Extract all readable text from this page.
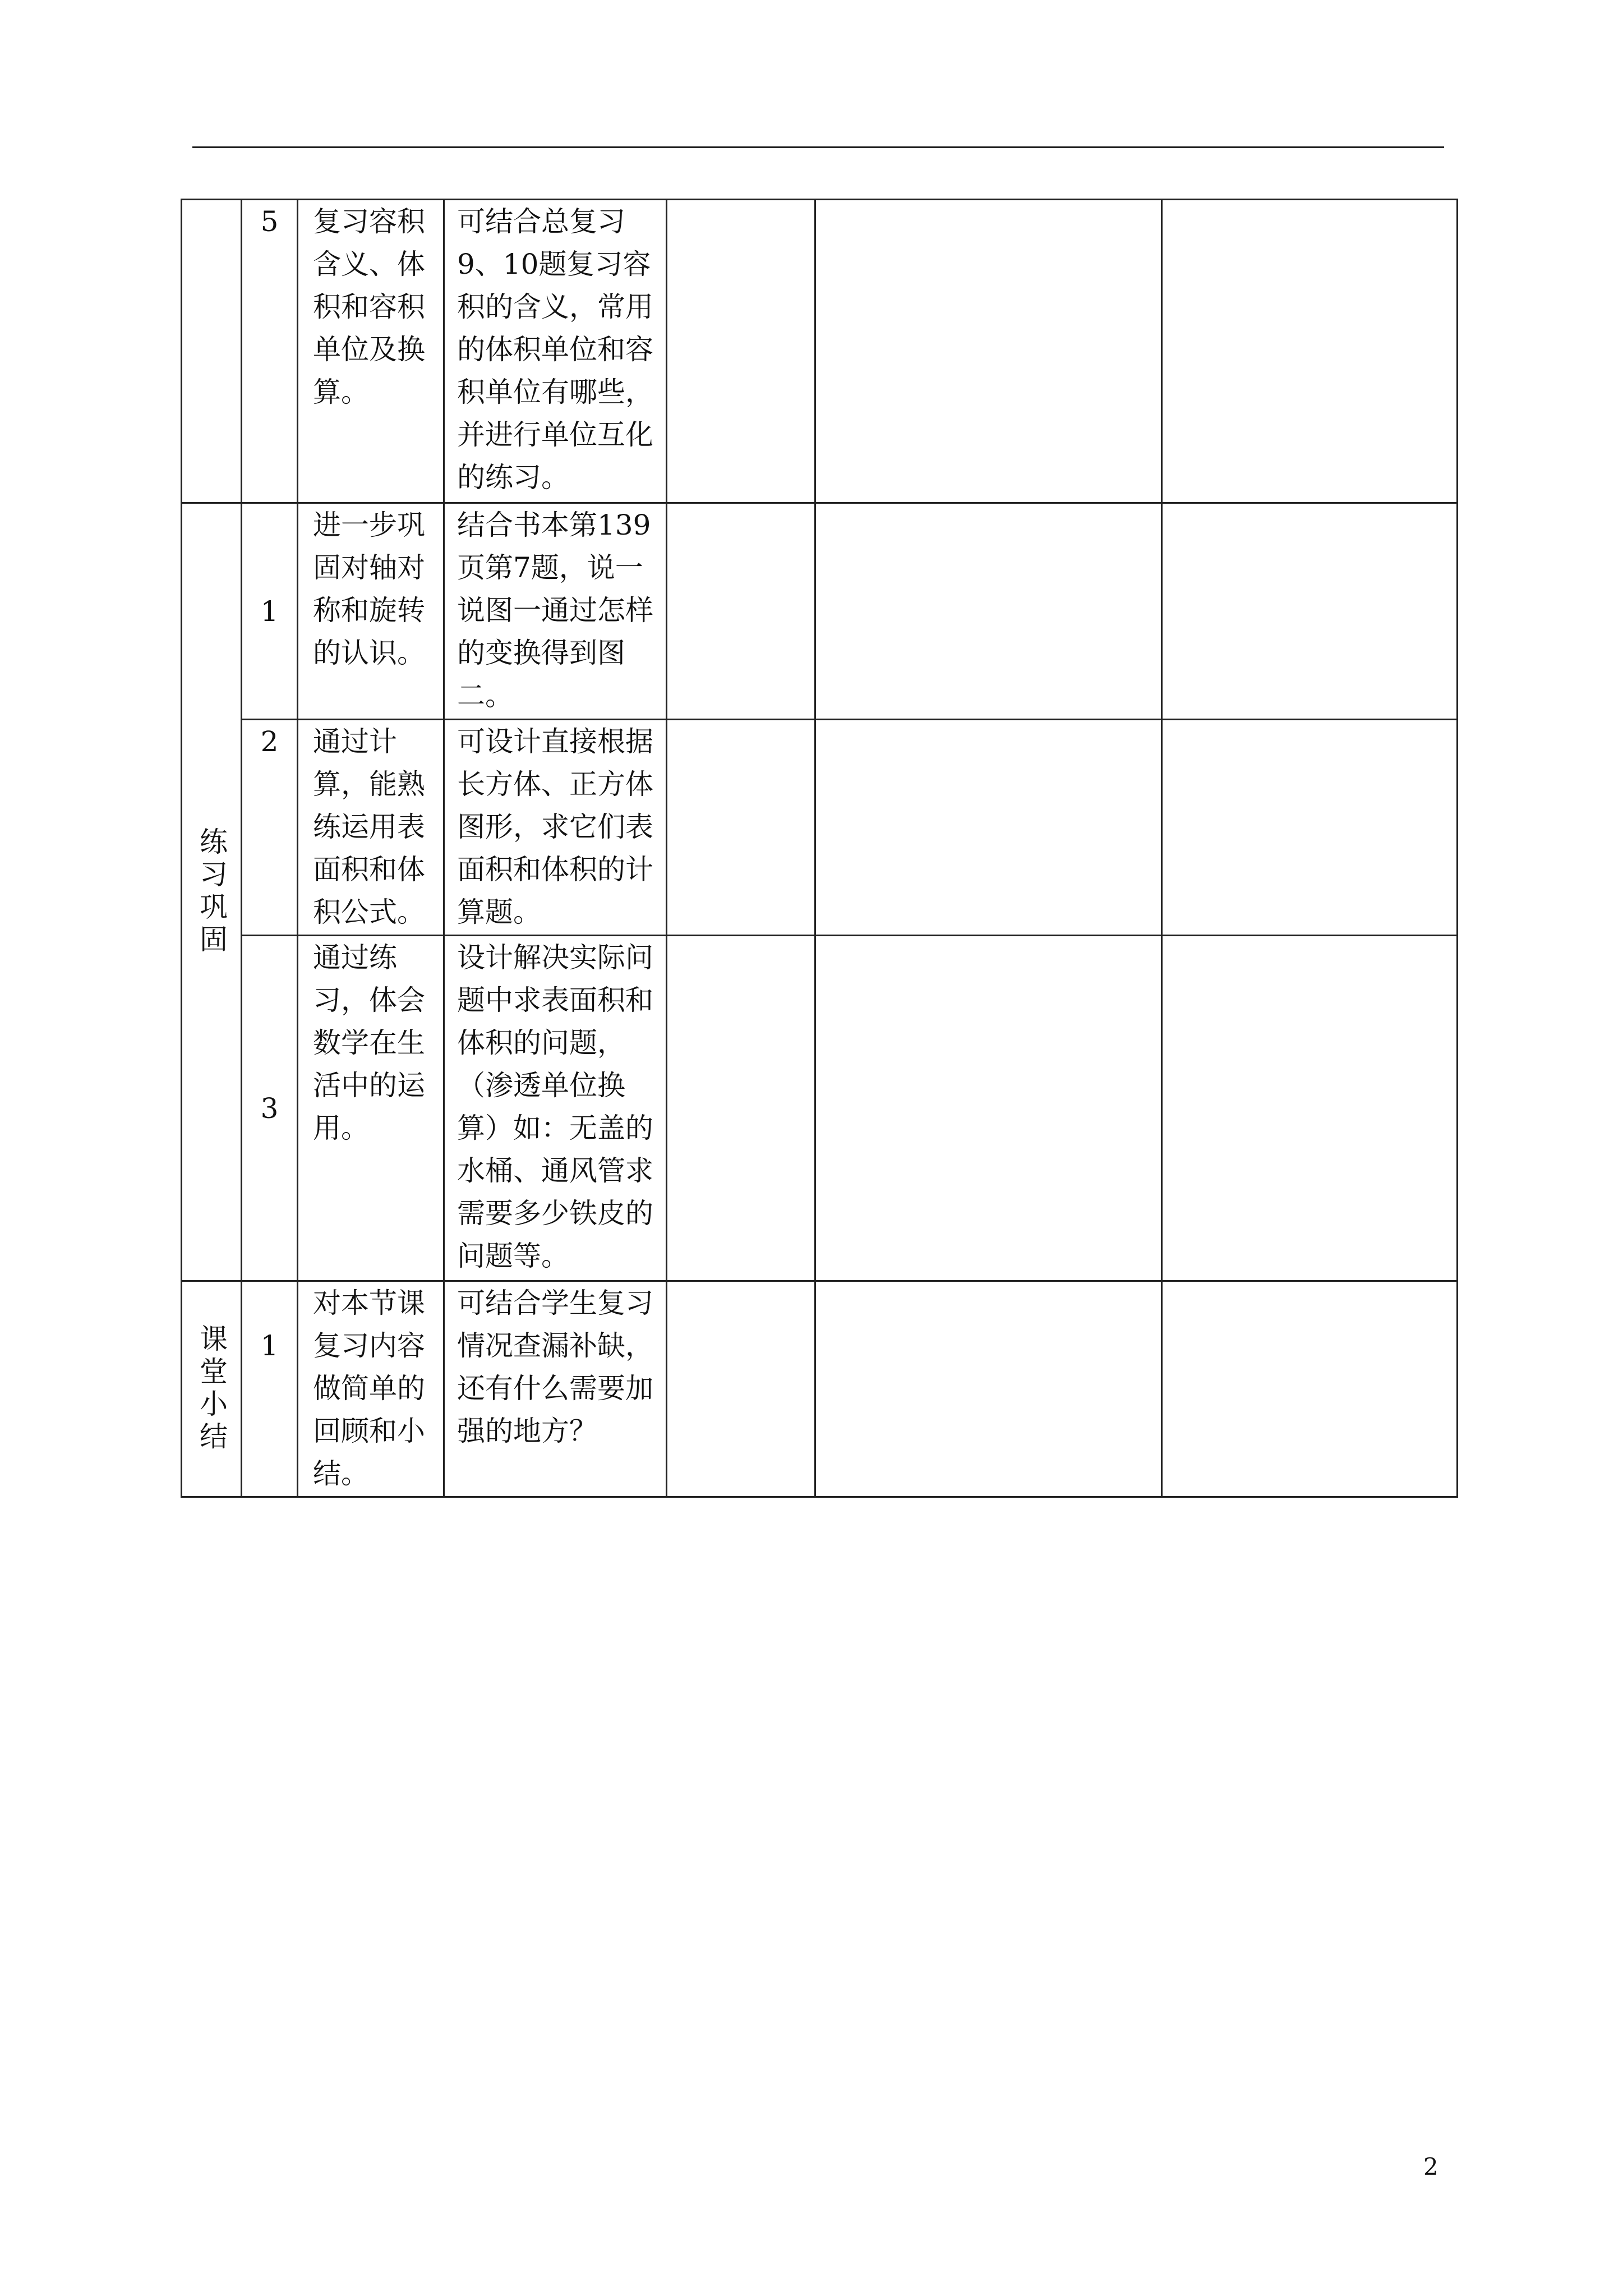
	5	复习容积含义、体积和容积单位及换算。	可结合总复习9、10题复习容积的含义，常用的体积单位和容积单位有哪些，并进行单位互化的练习。			

练习巩固	1	进一步巩固对轴对称和旋转的认识。	结合书本第139页第7题，说一说图一通过怎样的变换得到图二。			
	2	通过计算，能熟练运用表面积和体积公式。	可设计直接根据长方体、正方体图形，求它们表面积和体积的计算题。			
	3	通过练习，体会数学在生活中的运用。	设计解决实际问题中求表面积和体积的问题，（渗透单位换算）如：无盖的水桶、通风管求需要多少铁皮的问题等。			

课堂小结	1	对本节课复习内容做简单的回顾和小结。	可结合学生复习情况查漏补缺，还有什么需要加强的地方？			
2
